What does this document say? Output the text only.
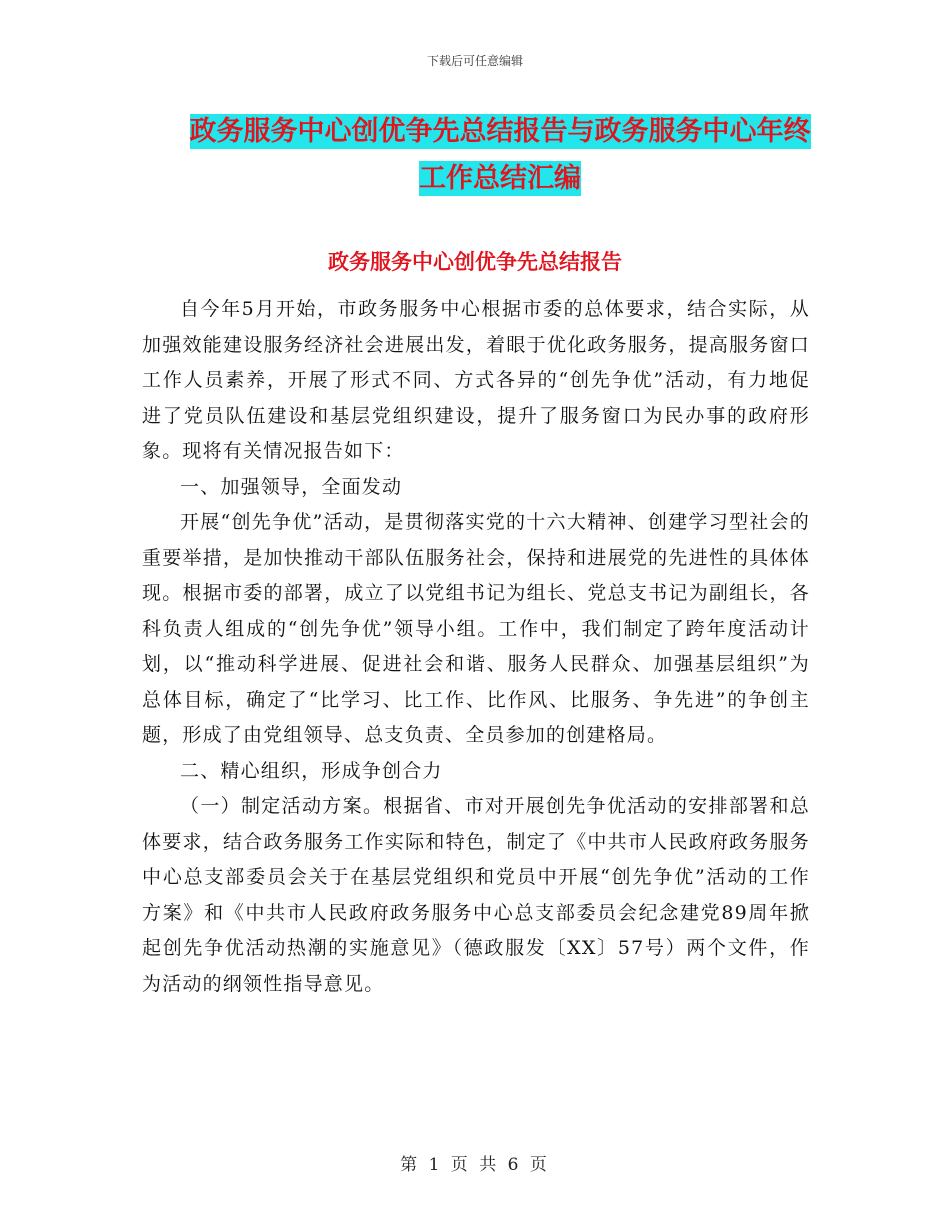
下载后可任意编辑
政务服务中心创优争先总结报告与政务服务中心年终
工作总结汇编
政务服务中心创优争先总结报告

自今年5月开始，市政务服务中心根据市委的总体要求，结合实际，从加强效能建设服务经济社会进展出发，着眼于优化政务服务，提高服务窗口工作人员素养，开展了形式不同、方式各异的“创先争优”活动，有力地促进了党员队伍建设和基层党组织建设，提升了服务窗口为民办事的政府形象。现将有关情况报告如下：

一、加强领导，全面发动

开展“创先争优”活动，是贯彻落实党的十六大精神、创建学习型社会的重要举措，是加快推动干部队伍服务社会，保持和进展党的先进性的具体体现。根据市委的部署，成立了以党组书记为组长、党总支书记为副组长，各科负责人组成的“创先争优”领导小组。工作中，我们制定了跨年度活动计划，以“推动科学进展、促进社会和谐、服务人民群众、加强基层组织”为总体目标，确定了“比学习、比工作、比作风、比服务、争先进”的争创主题，形成了由党组领导、总支负责、全员参加的创建格局。

二、精心组织，形成争创合力

（一）制定活动方案。根据省、市对开展创先争优活动的安排部署和总体要求，结合政务服务工作实际和特色，制定了《中共市人民政府政务服务中心总支部委员会关于在基层党组织和党员中开展“创先争优”活动的工作方案》和《中共市人民政府政务服务中心总支部委员会纪念建党89周年掀起创先争优活动热潮的实施意见》（德政服发〔XX〕57号）两个文件，作为活动的纲领性指导意见。

第 1 页 共 6 页
